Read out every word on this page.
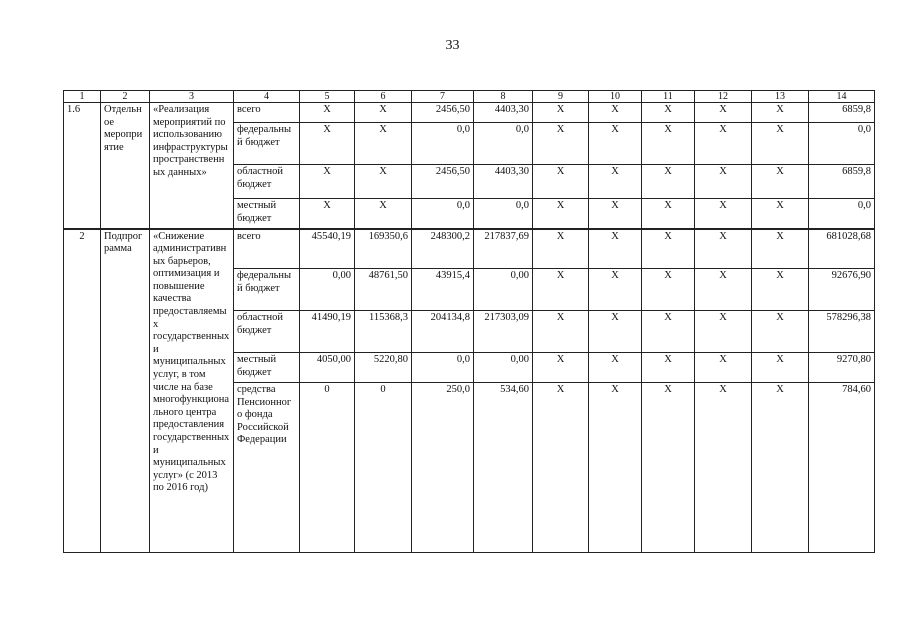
33
1	2	3	4	5	6	7	8	9	10	11	12	13	14
1.6	Отдельное мероприятие	«Реализация мероприятий по использованию инфраструктуры пространственных данных»	всего	X	X	2456,50	4403,30	X	X	X	X	X	6859,8
			федеральный бюджет	X	X	0,0	0,0	X	X	X	X	X	0,0
			областной бюджет	X	X	2456,50	4403,30	X	X	X	X	X	6859,8
			местный бюджет	X	X	0,0	0,0	X	X	X	X	X	0,0
2	Подпрограмма	«Снижение административных барьеров, оптимизация и повышение качества предоставляемых государственных и муниципальных услуг, в том числе на базе многофункционального центра предоставления государственных и муниципальных услуг» (с 2013 по 2016 год)	всего	45540,19	169350,6	248300,2	217837,69	X	X	X	X	X	681028,68
			федеральный бюджет	0,00	48761,50	43915,4	0,00	X	X	X	X	X	92676,90
			областной бюджет	41490,19	115368,3	204134,8	217303,09	X	X	X	X	X	578296,38
			местный бюджет	4050,00	5220,80	0,0	0,00	X	X	X	X	X	9270,80
			средства Пенсионного фонда Российской Федерации	0	0	250,0	534,60	X	X	X	X	X	784,60
